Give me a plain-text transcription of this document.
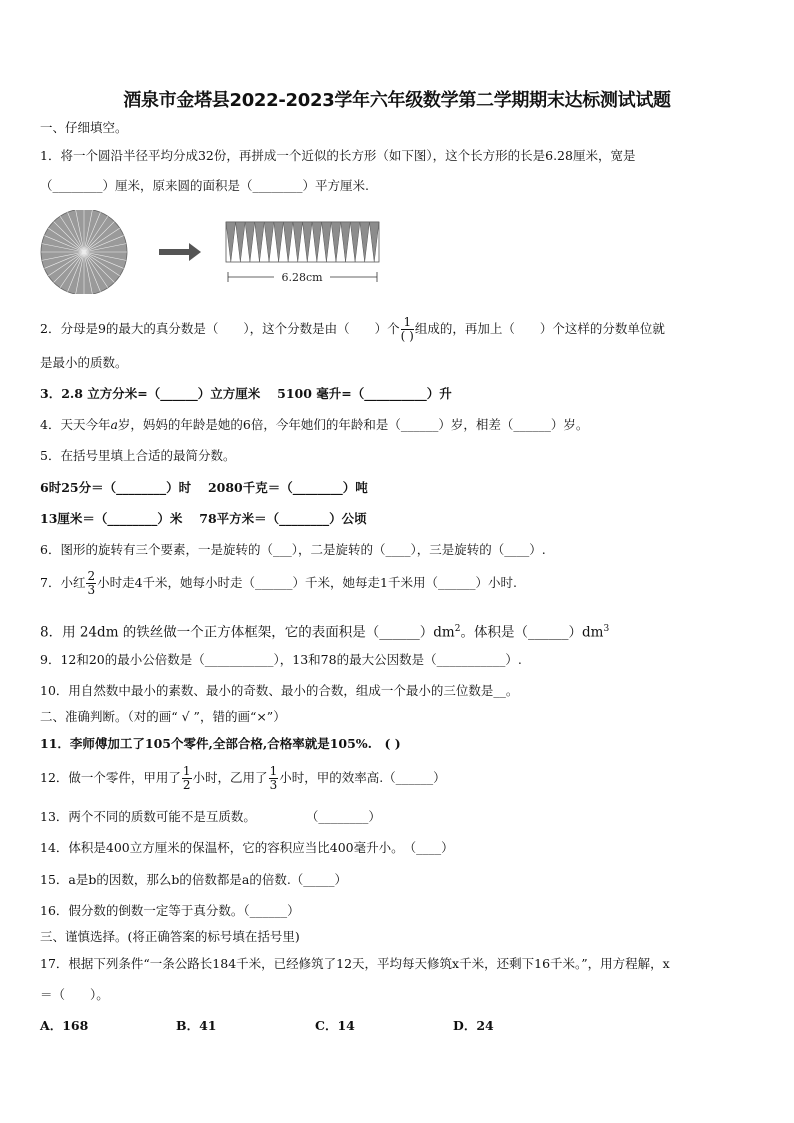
酒泉市金塔县2022-2023学年六年级数学第二学期期末达标测试试题
一、仔细填空。
1．将一个圆沿半径平均分成32份，再拼成一个近似的长方形（如下图），这个长方形的长是6.28厘米，宽是
（________）厘米，原来圆的面积是（________）平方厘米.
6.28cm
2．分母是9的最大的真分数是（　　），这个分数是由（　　）个 $\frac{1}{( )}$ 组成的，再加上（　　）个这样的分数单位就
是最小的质数。
3．2.8 立方分米=（______）立方厘米　 5100 毫升=（__________）升
4．天天今年a岁，妈妈的年龄是她的6倍，今年她们的年龄和是（______）岁，相差（______）岁。
5．在括号里填上合适的最简分数。
6时25分＝（________）时　 2080千克＝（________）吨
13厘米＝（________）米　 78平方米＝（________）公顷
6．图形的旋转有三个要素，一是旋转的（___），二是旋转的（____），三是旋转的（____）.
7．小红 $\frac{2}{3}$ 小时走4千米，她每小时走（______）千米，她每走1千米用（______）小时.
8．用 24dm 的铁丝做一个正方体框架，它的表面积是$(\_\_\_\_\_\_)dm^2$。体积是$(\_\_\_\_\_\_)dm^3$
9．12和20的最小公倍数是（___________），13和78的最大公因数是（___________）.
10．用自然数中最小的素数、最小的奇数、最小的合数，组成一个最小的三位数是__。
二、准确判断。（对的画“ √ ”，错的画“×”）
11．李师傅加工了105个零件,全部合格,合格率就是105%.　( )
12．做一个零件，甲用了 $\frac{1}{2}$ 小时，乙用了 $\frac{1}{3}$ 小时，甲的效率高.（______）
13．两个不同的质数可能不是互质数。　　　　　（________）
14．体积是400立方厘米的保温杯，它的容积应当比400毫升小。　（____）
15．a是b的因数，那么b的倍数都是a的倍数.（_____）
16．假分数的倒数一定等于真分数。（______）
三、谨慎选择。(将正确答案的标号填在括号里)
17．根据下列条件“一条公路长184千米，已经修筑了12天，平均每天修筑x千米，还剩下16千米。”，用方程解，x
＝（　　）。
A．168	B．41	C．14	D．24
